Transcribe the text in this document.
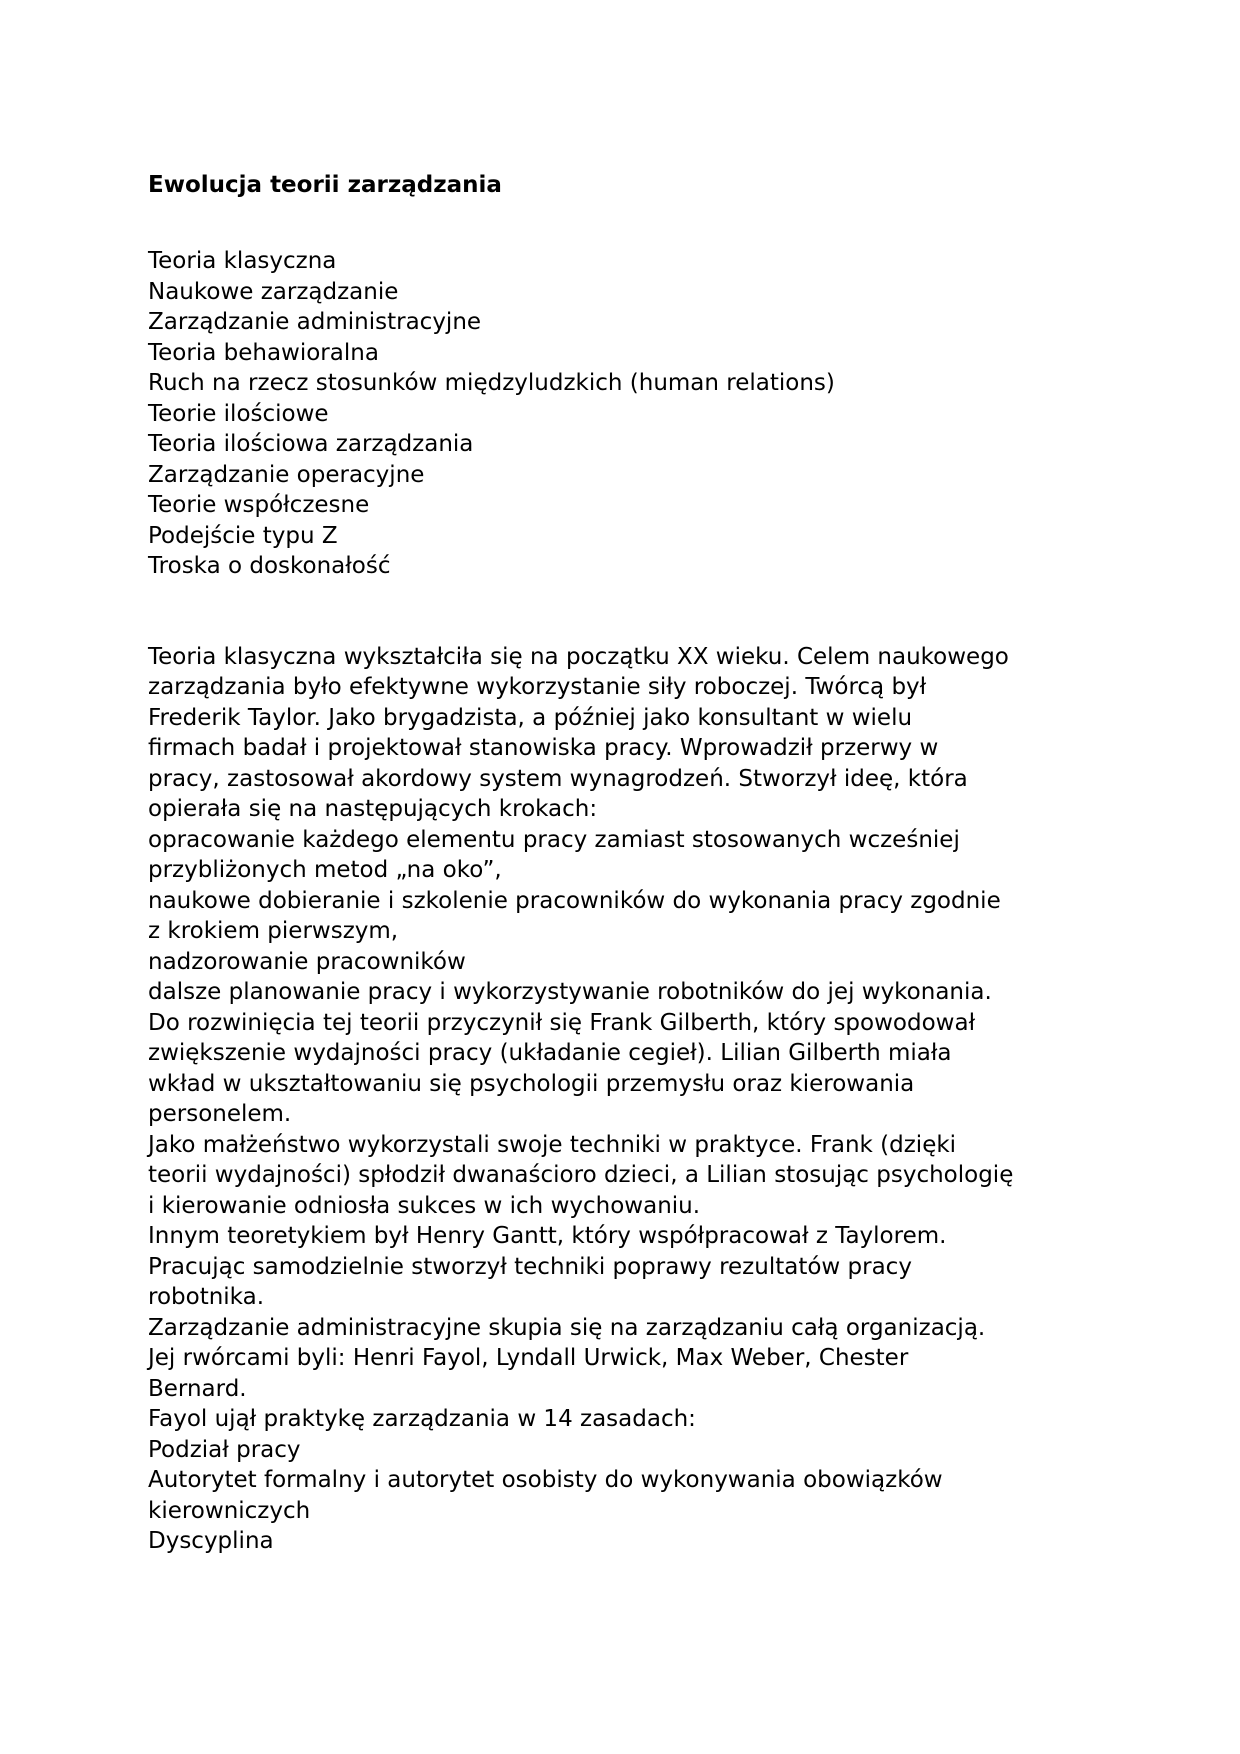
Ewolucja teorii zarządzania
Teoria klasyczna
Naukowe zarządzanie
Zarządzanie administracyjne
Teoria behawioralna
Ruch na rzecz stosunków międzyludzkich (human relations)
Teorie ilościowe
Teoria ilościowa zarządzania
Zarządzanie operacyjne
Teorie współczesne
Podejście typu Z
Troska o doskonałość

Teoria klasyczna wykształciła się na początku XX wieku. Celem naukowego

zarządzania było efektywne wykorzystanie siły roboczej. Twórcą był

Frederik Taylor. Jako brygadzista, a później jako konsultant w wielu

firmach badał i projektował stanowiska pracy. Wprowadził przerwy w

pracy, zastosował akordowy system wynagrodzeń. Stworzył ideę, która

opierała się na następujących krokach:

opracowanie każdego elementu pracy zamiast stosowanych wcześniej

przybliżonych metod „na oko”,

naukowe dobieranie i szkolenie pracowników do wykonania pracy zgodnie

z krokiem pierwszym,

nadzorowanie pracowników

dalsze planowanie pracy i wykorzystywanie robotników do jej wykonania.

Do rozwinięcia tej teorii przyczynił się Frank Gilberth, który spowodował

zwiększenie wydajności pracy (układanie cegieł). Lilian Gilberth miała

wkład w ukształtowaniu się psychologii przemysłu oraz kierowania

personelem.

Jako małżeństwo wykorzystali swoje techniki w praktyce. Frank (dzięki

teorii wydajności) spłodził dwanaścioro dzieci, a Lilian stosując psychologię

i kierowanie odniosła sukces w ich wychowaniu.

Innym teoretykiem był Henry Gantt, który współpracował z Taylorem.

Pracując samodzielnie stworzył techniki poprawy rezultatów pracy

robotnika.

Zarządzanie administracyjne skupia się na zarządzaniu całą organizacją.

Jej rwórcami byli: Henri Fayol, Lyndall Urwick, Max Weber, Chester

Bernard.

Fayol ujął praktykę zarządzania w 14 zasadach:

Podział pracy

Autorytet formalny i autorytet osobisty do wykonywania obowiązków

kierowniczych

Dyscyplina
